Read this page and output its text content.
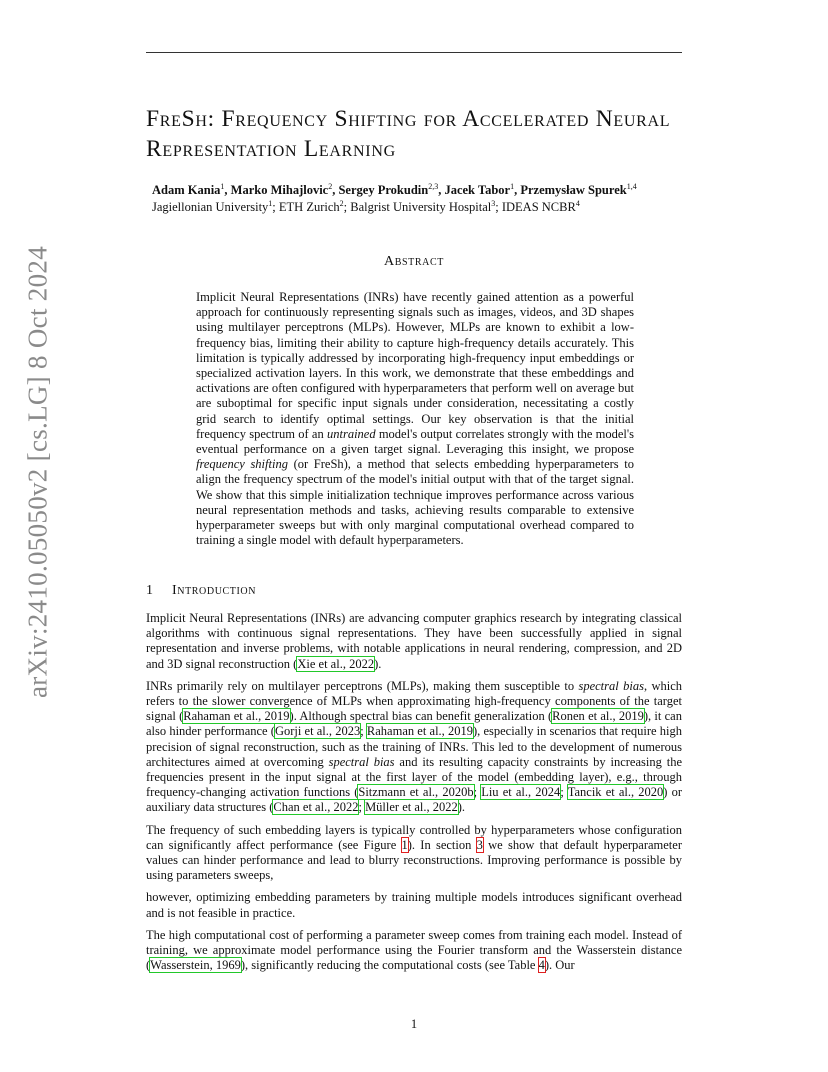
arXiv:2410.05050v2 [cs.LG] 8 Oct 2024
FreSh: Frequency Shifting for Accelerated Neural Representation Learning
Adam Kania$^1$, Marko Mihajlovic$^2$, Sergey Prokudin$^{2,3}$, Jacek Tabor$^1$, Przemysław Spurek$^{1,4}$
Jagiellonian University$^1$; ETH Zurich$^2$; Balgrist University Hospital$^3$; IDEAS NCBR$^4$
Abstract
Implicit Neural Representations (INRs) have recently gained attention as a powerful approach for continuously representing signals such as images, videos, and 3D shapes using multilayer perceptrons (MLPs). However, MLPs are known to exhibit a low-frequency bias, limiting their ability to capture high-frequency details accurately. This limitation is typically addressed by incorporating high-frequency input embeddings or specialized activation layers. In this work, we demonstrate that these embeddings and activations are often configured with hyperparameters that perform well on average but are suboptimal for specific input signals under consideration, necessitating a costly grid search to identify optimal settings. Our key observation is that the initial frequency spectrum of an untrained model's output correlates strongly with the model's eventual performance on a given target signal. Leveraging this insight, we propose frequency shifting (or FreSh), a method that selects embedding hyperparameters to align the frequency spectrum of the model's initial output with that of the target signal. We show that this simple initialization technique improves performance across various neural representation methods and tasks, achieving results comparable to extensive hyperparameter sweeps but with only marginal computational overhead compared to training a single model with default hyperparameters.
1 Introduction

Implicit Neural Representations (INRs) are advancing computer graphics research by integrating classical algorithms with continuous signal representations. They have been successfully applied in signal representation and inverse problems, with notable applications in neural rendering, compression, and 2D and 3D signal reconstruction (Xie et al., 2022).

INRs primarily rely on multilayer perceptrons (MLPs), making them susceptible to spectral bias, which refers to the slower convergence of MLPs when approximating high-frequency components of the target signal (Rahaman et al., 2019). Although spectral bias can benefit generalization (Ronen et al., 2019), it can also hinder performance (Gorji et al., 2023; Rahaman et al., 2019), especially in scenarios that require high precision of signal reconstruction, such as the training of INRs. This led to the development of numerous architectures aimed at overcoming spectral bias and its resulting capacity constraints by increasing the frequencies present in the input signal at the first layer of the model (embedding layer), e.g., through frequency-changing activation functions (Sitzmann et al., 2020b; Liu et al., 2024; Tancik et al., 2020) or auxiliary data structures (Chan et al., 2022; Müller et al., 2022).

The frequency of such embedding layers is typically controlled by hyperparameters whose configuration can significantly affect performance (see Figure 1). In section 3 we show that default hyperparameter values can hinder performance and lead to blurry reconstructions. Improving performance is possible by using parameters sweeps,

however, optimizing embedding parameters by training multiple models introduces significant overhead and is not feasible in practice.

The high computational cost of performing a parameter sweep comes from training each model. Instead of training, we approximate model performance using the Fourier transform and the Wasserstein distance (Wasserstein, 1969), significantly reducing the computational costs (see Table 4). Our

1
